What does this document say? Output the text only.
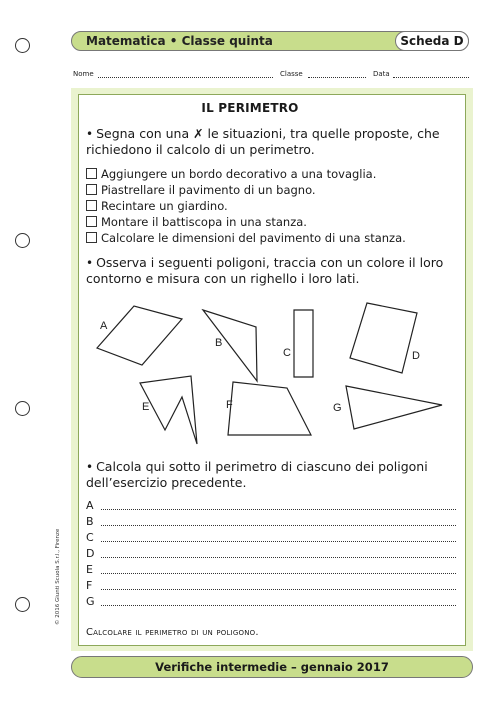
Matematica • Classe quinta	Scheda D
Nome	Classe	Data
IL PERIMETRO
• Segna con una ✗ le situazioni, tra quelle proposte, che richiedono il calcolo di un perimetro.
Aggiungere un bordo decorativo a una tovaglia.
Piastrellare il pavimento di un bagno.
Recintare un giardino.
Montare il battiscopa in una stanza.
Calcolare le dimensioni del pavimento di una stanza.
• Osserva i seguenti poligoni, traccia con un colore il loro contorno e misura con un righello i loro lati.
A
B
C	D
E	F	G
• Calcola qui sotto il perimetro di ciascuno dei poligoni dell’esercizio precedente.
A
B
C
D
E
F
G
Calcolare il perimetro di un poligono.
© 2016 Giunti Scuola S.r.l., Firenze
Verifiche intermedie – gennaio 2017
